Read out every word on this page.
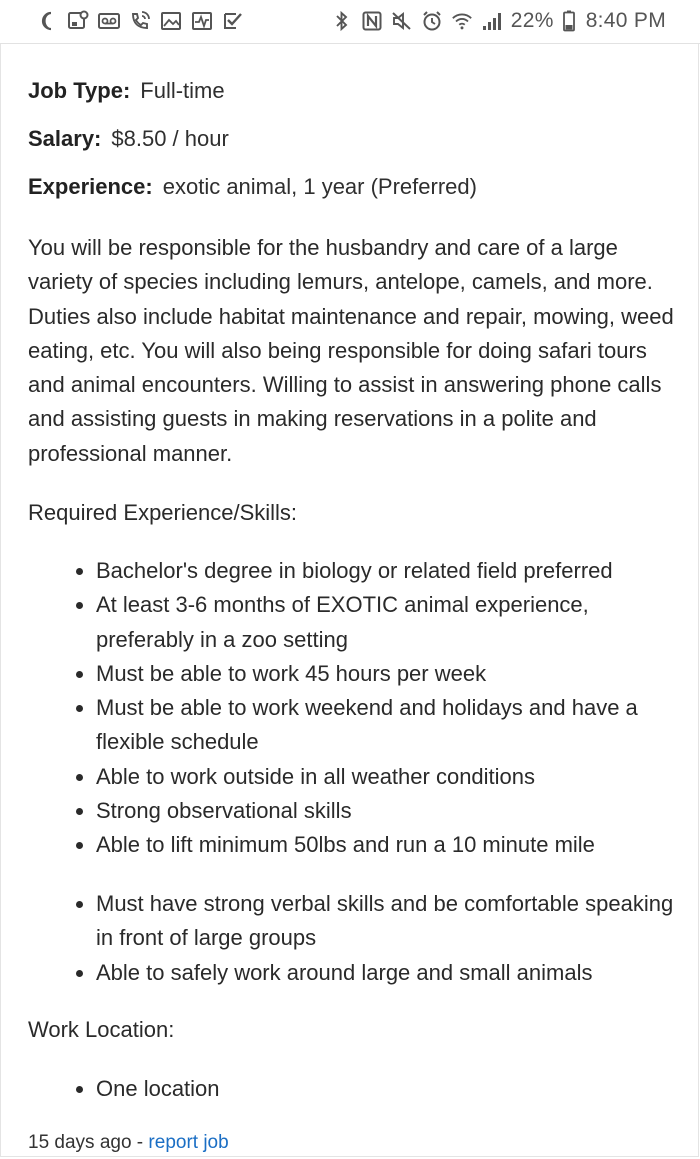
22% 8:40 PM
Job Type: Full-time
Salary: $8.50 / hour
Experience: exotic animal, 1 year (Preferred)
You will be responsible for the husbandry and care of a large variety of species including lemurs, antelope, camels, and more. Duties also include habitat maintenance and repair, mowing, weed eating, etc. You will also being responsible for doing safari tours and animal encounters. Willing to assist in answering phone calls and assisting guests in making reservations in a polite and professional manner.
Required Experience/Skills:
Bachelor's degree in biology or related field preferred
At least 3-6 months of EXOTIC animal experience, preferably in a zoo setting
Must be able to work 45 hours per week
Must be able to work weekend and holidays and have a flexible schedule
Able to work outside in all weather conditions
Strong observational skills
Able to lift minimum 50lbs and run a 10 minute mile
Must have strong verbal skills and be comfortable speaking in front of large groups
Able to safely work around large and small animals
Work Location:
One location
15 days ago - report job
